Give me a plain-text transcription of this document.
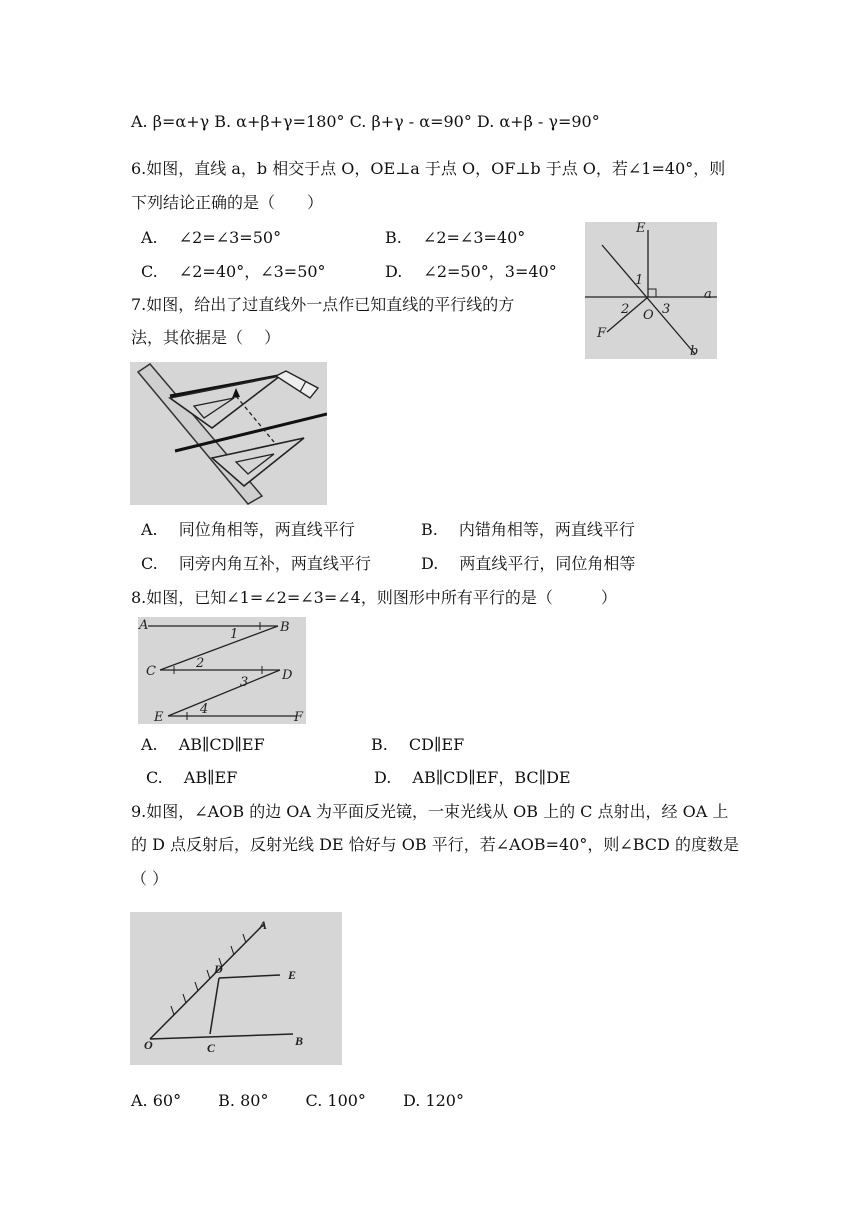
A. β=α+γ B. α+β+γ=180° C. β+γ - α=90° D. α+β - γ=90°
6.如图，直线 a，b 相交于点 O，OE⊥a 于点 O，OF⊥b 于点 O，若∠1=40°，则
下列结论正确的是（　　）
A.　 ∠2=∠3=50°	B.　 ∠2=∠3=40°
C.　 ∠2=40°，∠3=50°	D.　 ∠2=50°，3=40°
E
1
a
2 O 3
F
b
7.如图，给出了过直线外一点作已知直线的平行线的方
法，其依据是（　 ）
A.　 同位角相等，两直线平行	B.　 内错角相等，两直线平行
C.　 同旁内角互补，两直线平行	D.　 两直线平行，同位角相等
8.如图，已知∠1=∠2=∠3=∠4，则图形中所有平行的是（　　　）
A	B
1
C
2
D
3
E
4
F
A.　 AB∥CD∥EF	B.　 CD∥EF
C.　 AB∥EF	D.　 AB∥CD∥EF，BC∥DE
9.如图，∠AOB 的边 OA 为平面反光镜，一束光线从 OB 上的 C 点射出，经 OA 上
的 D 点反射后，反射光线 DE 恰好与 OB 平行，若∠AOB=40°，则∠BCD 的度数是
（ ）
A
D	E
O	C	B
A. 60°　　 B. 80°　　 C. 100°　　 D. 120°
